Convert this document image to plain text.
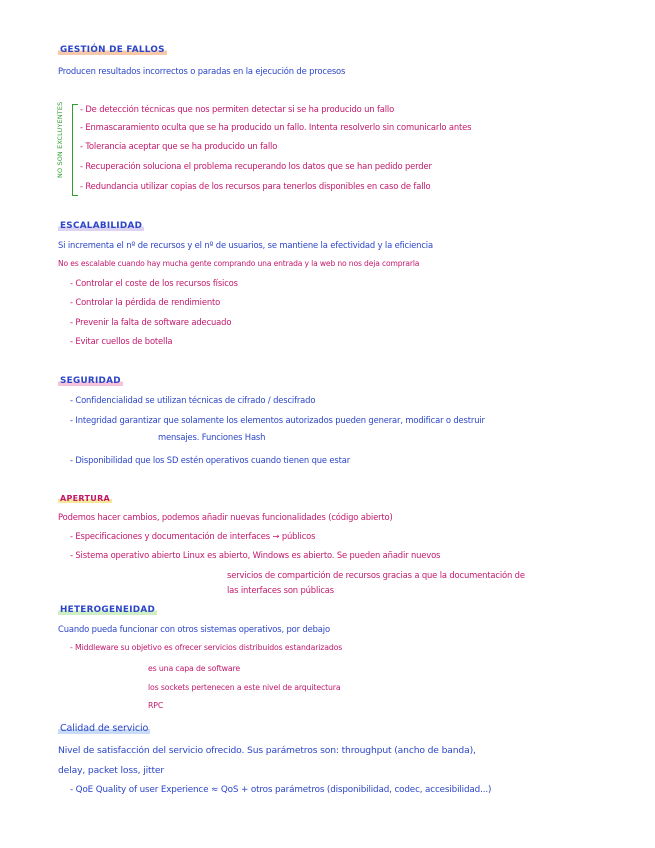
GESTIÓN DE FALLOS
Producen resultados incorrectos o paradas en la ejecución de procesos
NO SON EXCLUYENTES - De detección técnicas que nos permiten detectar si se ha producido un fallo
- Enmascaramiento oculta que se ha producido un fallo. Intenta resolverlo sin comunicarlo antes
- Tolerancia aceptar que se ha producido un fallo
- Recuperación soluciona el problema recuperando los datos que se han pedido perder
- Redundancia utilizar copias de los recursos para tenerlos disponibles en caso de fallo
ESCALABILIDAD
Si incrementa el nº de recursos y el nº de usuarios, se mantiene la efectividad y la eficiencia
No es escalable cuando hay mucha gente comprando una entrada y la web no nos deja comprarla
- Controlar el coste de los recursos físicos
- Controlar la pérdida de rendimiento
- Prevenir la falta de software adecuado
- Evitar cuellos de botella
SEGURIDAD
- Confidencialidad se utilizan técnicas de cifrado / descifrado
- Integridad garantizar que solamente los elementos autorizados pueden generar, modificar o destruir
mensajes. Funciones Hash
- Disponibilidad que los SD estén operativos cuando tienen que estar
APERTURA
Podemos hacer cambios, podemos añadir nuevas funcionalidades (código abierto)
- Especificaciones y documentación de interfaces → públicos
- Sistema operativo abierto Linux es abierto, Windows es abierto. Se pueden añadir nuevos
servicios de compartición de recursos gracias a que la documentación de
las interfaces son públicas
HETEROGENEIDAD
Cuando pueda funcionar con otros sistemas operativos, por debajo
- Middleware su objetivo es ofrecer servicios distribuidos estandarizados
es una capa de software
los sockets pertenecen a este nivel de arquitectura
RPC
Calidad de servicio
Nivel de satisfacción del servicio ofrecido. Sus parámetros son: throughput (ancho de banda),
delay, packet loss, jitter
- QoE Quality of user Experience ≈ QoS + otros parámetros (disponibilidad, codec, accesibilidad...)
